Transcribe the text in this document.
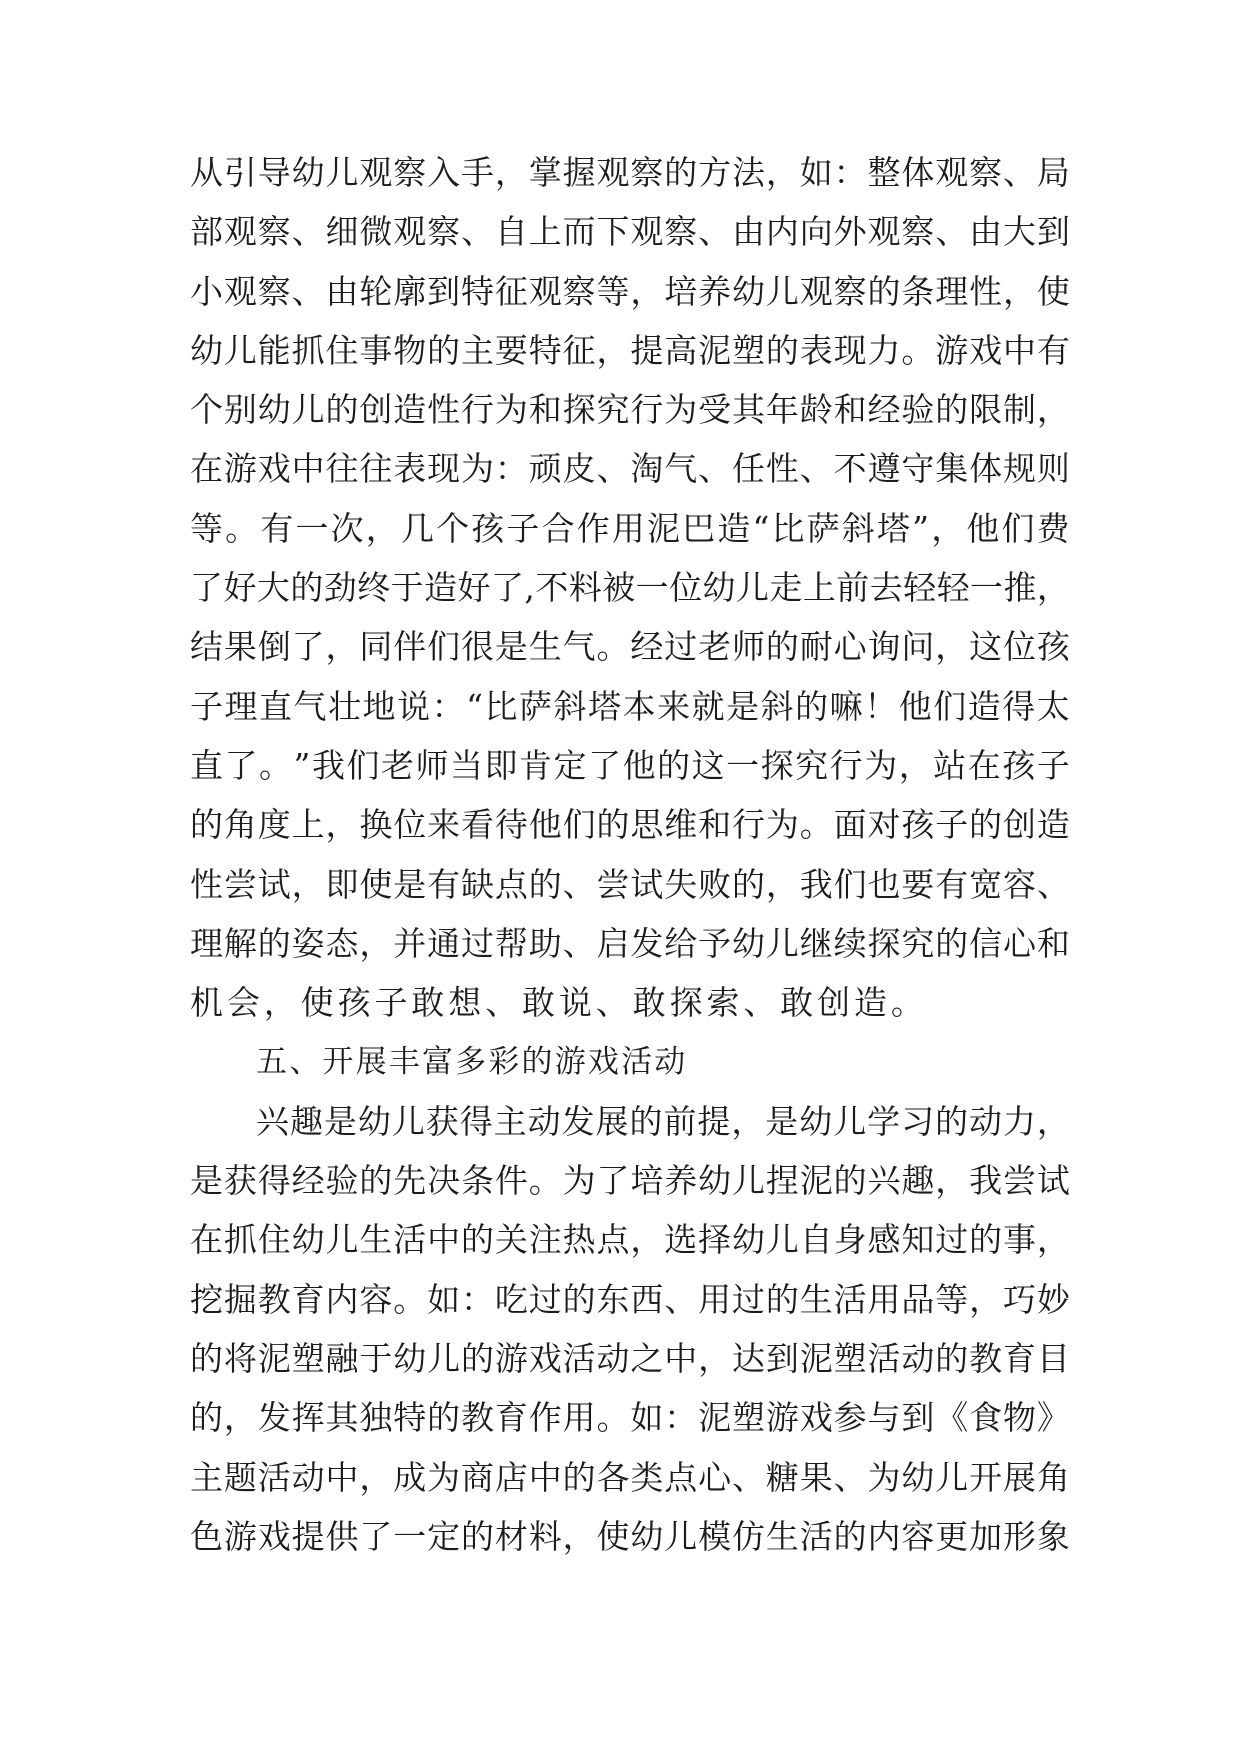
从 引 导 幼 儿 观 察 入 手 ， 掌 握 观 察 的 方 法 ， 如 ： 整 体 观 察 、 局
部 观 察 、 细 微 观 察 、 自 上 而 下 观 察 、 由 内 向 外 观 察 、 由 大 到
小 观 察 、 由 轮 廓 到 特 征 观 察 等 ， 培 养 幼 儿 观 察 的 条 理 性 ， 使
幼 儿 能 抓 住 事 物 的 主 要 特 征 ， 提 高 泥 塑 的 表 现 力 。 游 戏 中 有
个 别 幼 儿 的 创 造 性 行 为 和 探 究 行 为 受 其 年 龄 和 经 验 的 限 制 ，
在 游 戏 中 往 往 表 现 为 ： 顽 皮 、 淘 气 、 任 性 、 不 遵 守 集 体 规 则
等 。 有 一 次 ， 几 个 孩 子 合 作 用 泥 巴 造 “ 比 萨 斜 塔 ” ， 他 们 费
了 好 大 的 劲 终 于 造 好 了 , 不 料 被 一 位 幼 儿 走 上 前 去 轻 轻 一 推 ，
结 果 倒 了 ， 同 伴 们 很 是 生 气 。 经 过 老 师 的 耐 心 询 问 ， 这 位 孩
子 理 直 气 壮 地 说 ： “ 比 萨 斜 塔 本 来 就 是 斜 的 嘛 ！ 他 们 造 得 太
直 了 。 ” 我 们 老 师 当 即 肯 定 了 他 的 这 一 探 究 行 为 ， 站 在 孩 子
的 角 度 上 ， 换 位 来 看 待 他 们 的 思 维 和 行 为 。 面 对 孩 子 的 创 造
性 尝 试 ， 即 使 是 有 缺 点 的 、 尝 试 失 败 的 ， 我 们 也 要 有 宽 容 、
理 解 的 姿 态 ， 并 通 过 帮 助 、 启 发 给 予 幼 儿 继 续 探 究 的 信 心 和
机 会 ， 使 孩 子 敢 想 、 敢 说 、 敢 探 索 、 敢 创 造 。
五 、 开 展 丰 富 多 彩 的 游 戏 活 动
兴 趣 是 幼 儿 获 得 主 动 发 展 的 前 提 ， 是 幼 儿 学 习 的 动 力 ，
是 获 得 经 验 的 先 决 条 件 。 为 了 培 养 幼 儿 捏 泥 的 兴 趣 ， 我 尝 试
在 抓 住 幼 儿 生 活 中 的 关 注 热 点 ， 选 择 幼 儿 自 身 感 知 过 的 事 ，
挖 掘 教 育 内 容 。 如 ： 吃 过 的 东 西 、 用 过 的 生 活 用 品 等 ， 巧 妙
的 将 泥 塑 融 于 幼 儿 的 游 戏 活 动 之 中 ， 达 到 泥 塑 活 动 的 教 育 目
的 ， 发 挥 其 独 特 的 教 育 作 用 。 如 ： 泥 塑 游 戏 参 与 到 《 食 物 》
主 题 活 动 中 ， 成 为 商 店 中 的 各 类 点 心 、 糖 果 、 为 幼 儿 开 展 角
色 游 戏 提 供 了 一 定 的 材 料 ， 使 幼 儿 模 仿 生 活 的 内 容 更 加 形 象
